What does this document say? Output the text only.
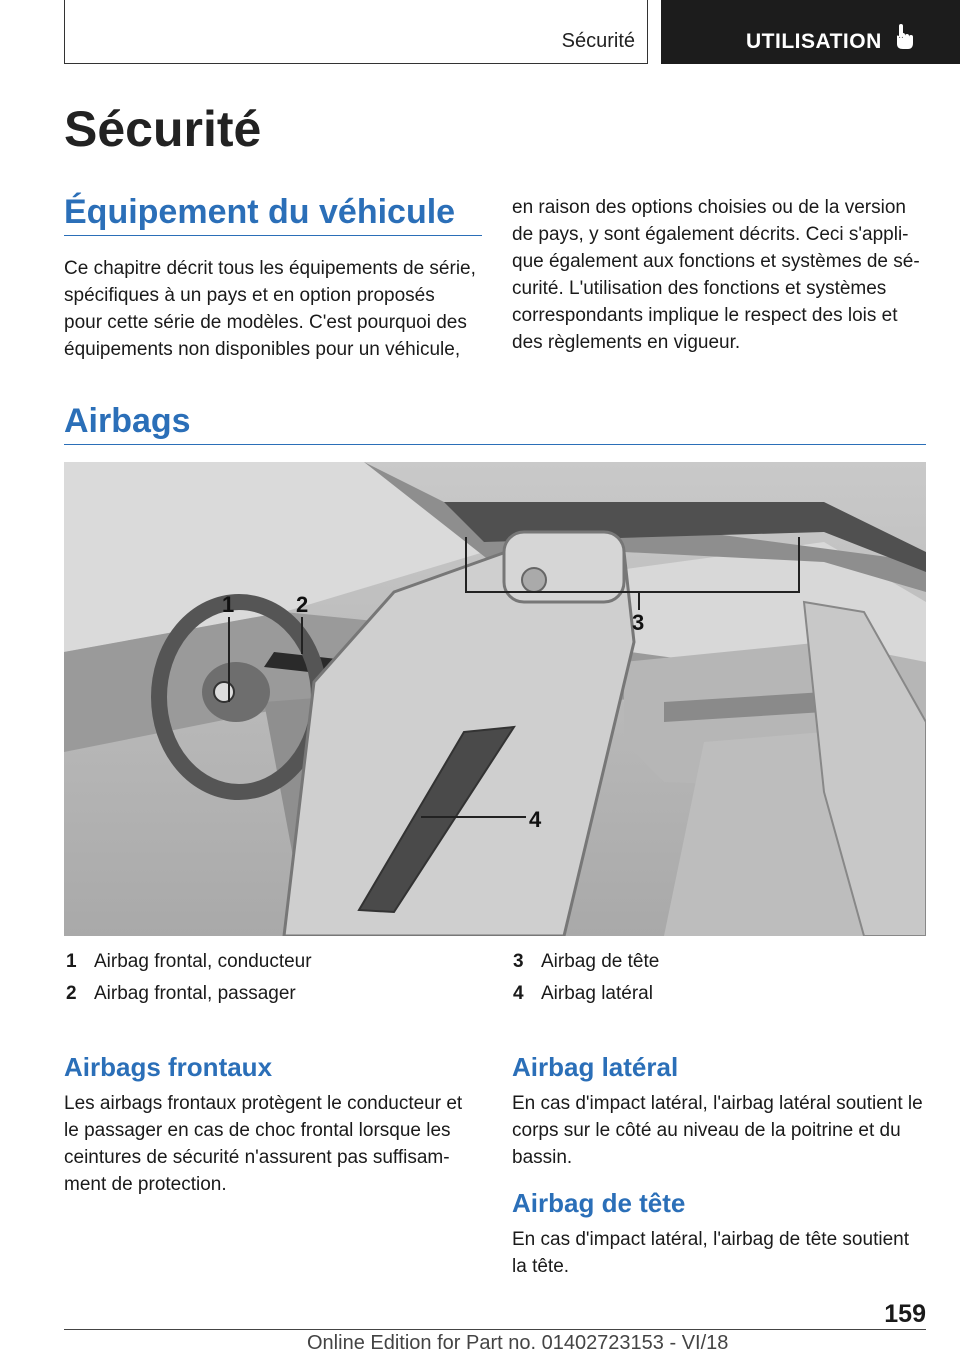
Sécurité	UTILISATION
Sécurité
Équipement du véhicule

Ce chapitre décrit tous les équipements de série,
spécifiques à un pays et en option proposés
pour cette série de modèles. C'est pourquoi des
équipements non disponibles pour un véhicule,

en raison des options choisies ou de la version
de pays, y sont également décrits. Ceci s'appli-
que également aux fonctions et systèmes de sé-
curité. L'utilisation des fonctions et systèmes
correspondants implique le respect des lois et
des règlements en vigueur.

Airbags
1	2
3
4
1 Airbag frontal, conducteur
2 Airbag frontal, passager
3 Airbag de tête
4 Airbag latéral
Airbags frontaux

Les airbags frontaux protègent le conducteur et
le passager en cas de choc frontal lorsque les
ceintures de sécurité n'assurent pas suffisam-
ment de protection.

Airbag latéral

En cas d'impact latéral, l'airbag latéral soutient le
corps sur le côté au niveau de la poitrine et du
bassin.

Airbag de tête

En cas d'impact latéral, l'airbag de tête soutient
la tête.

159
Online Edition for Part no. 01402723153 - VI/18
